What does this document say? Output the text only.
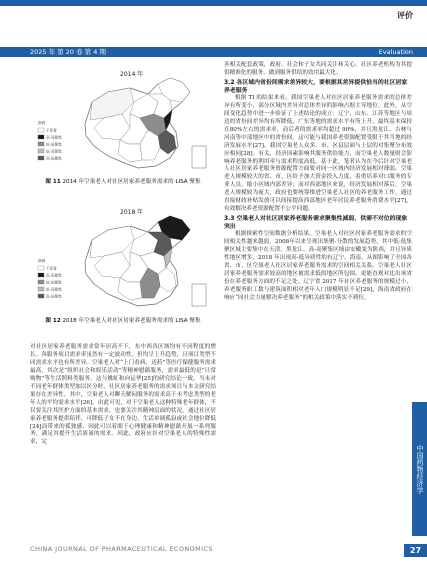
评价
2025 年 第 20 卷 第 4 期	Evaluation
2014 年
图例
不显著
高-高聚集
低-低聚集
低-高聚集
高-低聚集
图 11 2014 年空巢老人对社区居家养老服务需求的 LISA 聚集
2018 年
图例
不显著
高-高聚集
低-低聚集
低-高聚集
高-低聚集
图 12 2018 年空巢老人对社区居家养老服务需求的 LISA 聚集

对社区居家养老服务需求常年居高不下，东中西各区域均有不同程度的增长。各服务项目需求率虽然有一定波动性，但均呈上升趋势，且项目类型不同需求水平也有所差异。空巢老人对“上门看病、送药”等医疗保健服务需求最高，其次是“组织社会和娱乐活动”等精神慰藉服务，需求最低的是“日常购物”等生活照料类服务，这与姚虹和向运华[25]的研究结论一致。当未对不同老年群体类型加以区分时，社区居家养老服务的需求项目与本文研究结果存在差异性。其中，空巢老人对聊天解闷服务的需求高于未考虑类型的老年人的平均需求水平[26]。由此可见，对于空巢老人这种特殊老年群体，不仅要关注其医护方面的基本需求，也要关注其精神层面的状况，通过社区居家养老服务提供陪伴，可降低子女不在身边、生活单调孤寂或社会地位降低[24]而带来的孤独感，因此可以着眼于心理健康和精神慰藉开展一系列服务，满足其提升生活质量的需求。因此，政府应针对空巢老人的特殊性需求，完

善相关配套政策，政府、社会和子女共同关注和关心，社区养老机构为其提供精准化的服务，做到服务供给的效用最大化。

3.2 各区域内省份间需求差异较大，要根据其差异提供恰当的社区居家养老服务

根据 TI 的结果来看，我国空巢老人对社区居家养老服务需求的总体差异有所变小，部分区域内差异对总体差异的影响占据主导地位。此外，从空间变化趋势中进一步验证了上述结论的成立：辽宁、山东、江苏等地区与周边的省份间差异均有所降低，广东等地的需求水平有所上升，最终基本保持在80%左右的需求率，而后者的需求率均超过 90%，并且黑龙江、吉林与河南等中部地区中的省份间，这可能与我国养老资源配置受限于其当地的经济发展水平[27]、我国空巢老人众多、市、区县层面与上层的对集聚分布效应相同[28]。有关，经济因素影响其服务供给能力，而空巢老人数量则会影响养老服务的利用率与需求程度高低。基于此，笔者认为在今后针对空巢老人社区居家养老服务资源配置方面要对同一区域内经济发展相对薄弱、空巢老人规模较大的省、市、区给予加大资金投入力度，着重培养对口服务的专业人员，缩小区域内部差异；而对西部地区来说，经济发展相对落后，空巢老人规模较为庞大，政府也要统筹推进空巢老人社区的养老服务工作，通过直接财政补贴发放可以间接提高西部地区老年居民养老服务消费水平[27]，有效解决养老资源配置不公平问题。

3.3 空巢老人对社区居家养老服务需求聚集性减弱，供需不对位的现象突出

根据探索性空间数据分析结果，空巢老人对社区居家养老服务需求的空间相关性越来越弱，2008年以来呈现出集聚-分散的发展趋势。其中低-低集聚区域主要集中在天津、黑龙江、高-高聚集区域由安徽变为陕西，并且异质性地区增多，2018 年出现高-低异质性的有辽宁、海南，从图影响了全国各省、市、区空巢老人社区居家养老服务需求的空间相关关系。空巢老人社区居家养老服务需求较高的地区被需求低的地区所包围，更能直观对比出该省份在养老服务方面的不足之处。辽宁省 2017 年社区养老服务的规模过小，养老服务职工数与建筑面积相对老年人口规模明显不足[29]，海南省政府在响应“同社会力量解决养老服务”的相关政策中落实不到位，

CHINA JOURNAL OF PHARMACEUTICAL ECONOMICS
中国药物经济学
27
